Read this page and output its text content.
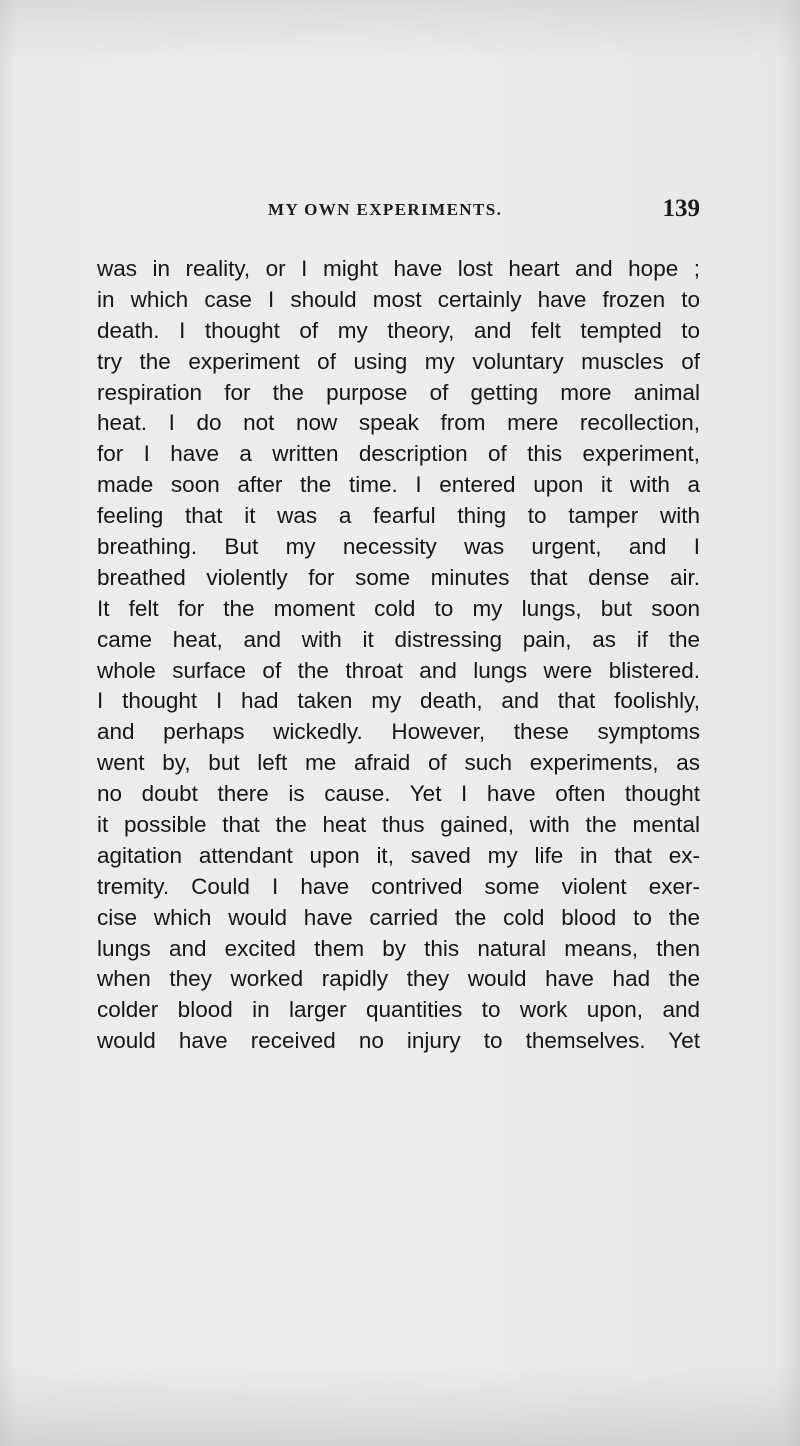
MY OWN EXPERIMENTS.	139
was in reality, or I might have lost heart and hope ;
in which case I should most certainly have frozen to
death. I thought of my theory, and felt tempted to
try the experiment of using my voluntary muscles of
respiration for the purpose of getting more animal
heat. I do not now speak from mere recollection,
for I have a written description of this experiment,
made soon after the time. I entered upon it with a
feeling that it was a fearful thing to tamper with
breathing. But my necessity was urgent, and I
breathed violently for some minutes that dense air.
It felt for the moment cold to my lungs, but soon
came heat, and with it distressing pain, as if the
whole surface of the throat and lungs were blistered.
I thought I had taken my death, and that foolishly,
and perhaps wickedly. However, these symptoms
went by, but left me afraid of such experiments, as
no doubt there is cause. Yet I have often thought
it possible that the heat thus gained, with the mental
agitation attendant upon it, saved my life in that ex-
tremity. Could I have contrived some violent exer-
cise which would have carried the cold blood to the
lungs and excited them by this natural means, then
when they worked rapidly they would have had the
colder blood in larger quantities to work upon, and
would have received no injury to themselves. Yet
